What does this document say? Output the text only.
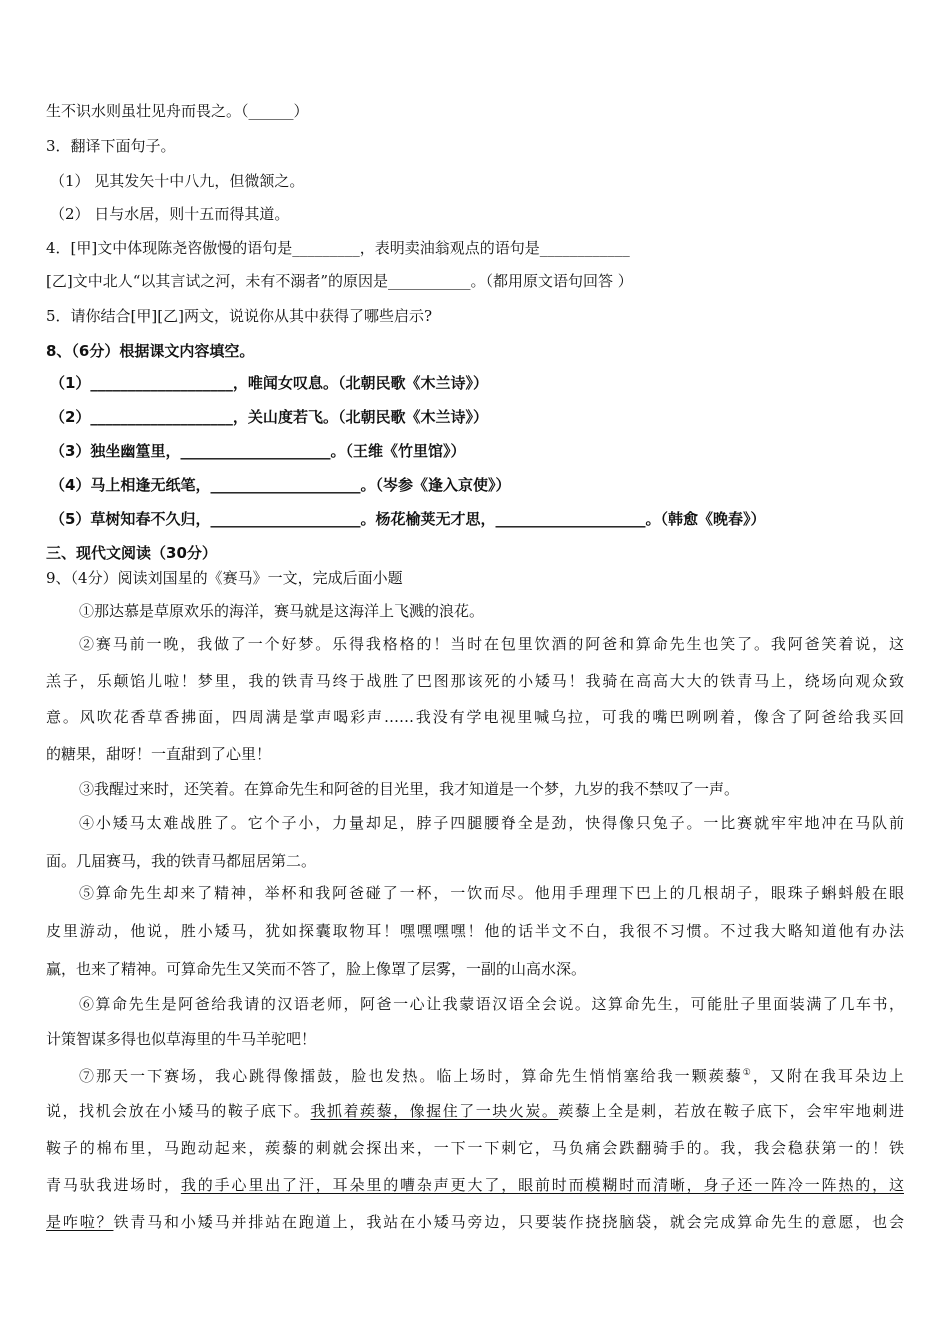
生不识水则虽壮见舟而畏之。（______）
3．翻译下面句子。
（1） 见其发矢十中八九，但微颔之。
（2） 日与水居，则十五而得其道。
4．[甲]文中体现陈尧咨傲慢的语句是_________，表明卖油翁观点的语句是____________
[乙]文中北人“以其言试之河，未有不溺者”的原因是___________。（都用原文语句回答 ）
5．请你结合[甲][乙]两文，说说你从其中获得了哪些启示?
8、（6分）根据课文内容填空。
（1）___________________，唯闻女叹息。（北朝民歌《木兰诗》）
（2）___________________，关山度若飞。（北朝民歌《木兰诗》）
（3）独坐幽篁里，____________________。（王维《竹里馆》）
（4）马上相逢无纸笔，____________________。（岑参《逢入京使》）
（5）草树知春不久归，____________________。杨花榆荚无才思，____________________。（韩愈《晚春》）
三、现代文阅读（30分）
9、（4分）阅读刘国星的《赛马》一文，完成后面小题
①那达慕是草原欢乐的海洋，赛马就是这海洋上飞溅的浪花。
②赛马前一晚，我做了一个好梦。乐得我格格的！当时在包里饮酒的阿爸和算命先生也笑了。我阿爸笑着说，这
羔子，乐颠馅儿啦！梦里，我的铁青马终于战胜了巴图那该死的小矮马！我骑在高高大大的铁青马上，绕场向观众致
意。风吹花香草香拂面，四周满是掌声喝彩声……我没有学电视里喊乌拉，可我的嘴巴咧咧着，像含了阿爸给我买回
的糖果，甜呀！一直甜到了心里！
③我醒过来时，还笑着。在算命先生和阿爸的目光里，我才知道是一个梦，九岁的我不禁叹了一声。
④小矮马太难战胜了。它个子小，力量却足，脖子四腿腰脊全是劲，快得像只兔子。一比赛就牢牢地冲在马队前
面。几届赛马，我的铁青马都屈居第二。
⑤算命先生却来了精神，举杯和我阿爸碰了一杯，一饮而尽。他用手理理下巴上的几根胡子，眼珠子蝌蚪般在眼
皮里游动，他说，胜小矮马，犹如探囊取物耳！嘿嘿嘿嘿！他的话半文不白，我很不习惯。不过我大略知道他有办法
赢，也来了精神。可算命先生又笑而不答了，脸上像罩了层雾，一副的山高水深。
⑥算命先生是阿爸给我请的汉语老师，阿爸一心让我蒙语汉语全会说。这算命先生，可能肚子里面装满了几车书，
计策智谋多得也似草海里的牛马羊驼吧！
⑦那天一下赛场，我心跳得像擂鼓，脸也发热。临上场时，算命先生悄悄塞给我一颗蒺藜①，又附在我耳朵边上
说，找机会放在小矮马的鞍子底下。我抓着蒺藜，像握住了一块火炭。蒺藜上全是刺，若放在鞍子底下，会牢牢地刺进
鞍子的棉布里，马跑动起来，蒺藜的刺就会探出来，一下一下刺它，马负痛会跌翻骑手的。我，我会稳获第一的！铁
青马驮我进场时，我的手心里出了汗，耳朵里的嘈杂声更大了，眼前时而模糊时而清晰，身子还一阵冷一阵热的，这
是咋啦？铁青马和小矮马并排站在跑道上，我站在小矮马旁边，只要装作挠挠脑袋，就会完成算命先生的意愿，也会
